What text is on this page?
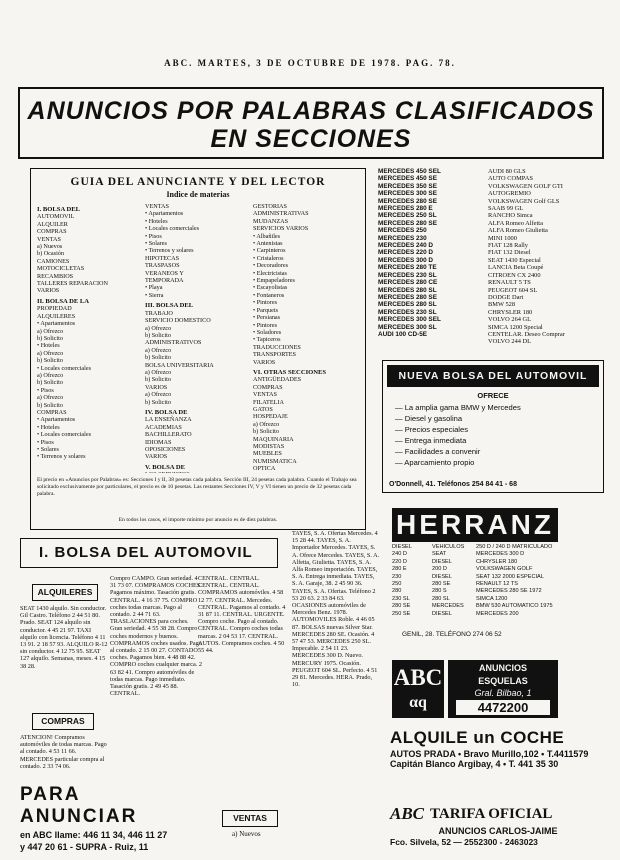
ABC. MARTES, 3 DE OCTUBRE DE 1978. PAG. 78.
ANUNCIOS POR PALABRAS CLASIFICADOS
EN SECCIONES
GUIA DEL ANUNCIANTE Y DEL LECTOR
Indice de materias
I. BOLSA DEL
AUTOMOVIL
ALQUILER
COMPRAS
VENTAS
a) Nuevos
b) Ocasión
CAMIONES
MOTOCICLETAS
RECAMBIOS
TALLERES REPARACION
VARIOS
II. BOLSA DE LA
PROPIEDAD
ALQUILERES
• Apartamentos
a) Ofrezco
b) Solicito
• Hoteles
a) Ofrezco
b) Solicito
• Locales comerciales
a) Ofrezco
b) Solicito
• Pisos
a) Ofrezco
b) Solicito
COMPRAS
• Apartamentos
• Hoteles
• Locales comerciales
• Pisos
• Solares
• Terrenos y solares
VENTAS
• Apartamentos
• Hoteles
• Locales comerciales
• Pisos
• Solares
• Terrenos y solares
HIPOTECAS
TRASPASOS
VERANEOS Y
TEMPORADA
• Playa
• Sierra
III. BOLSA DEL
TRABAJO
SERVICIO DOMESTICO
a) Ofrezco
b) Solicito
ADMINISTRATIVOS
a) Ofrezco
b) Solicito
BOLSA UNIVERSITARIA
a) Ofrezco
b) Solicito
VARIOS
a) Ofrezco
b) Solicito
IV. BOLSA DE
LA ENSEÑANZA
ACADEMIAS
BACHILLERATO
IDIOMAS
OPOSICIONES
VARIOS
V. BOLSA DE
GESTORIAS
ADMINISTRATIVAS
MUDANZAS
SERVICIOS VARIOS
• Albañiles
• Antenistas
• Carpinteros
• Cristaleros
• Decoradores
• Electricistas
• Empapeladores
• Escayolistas
• Fontaneros
• Pintores
• Parquets
• Persianas
• Pintores
• Soladores
• Tapiceros
TRADUCCIONES
TRANSPORTES
VARIOS
VI. OTRAS SECCIONES
ANTIGÜEDADES
COMPRAS
VENTAS
FILATELIA
GATOS
HOSPEDAJE
a) Ofrezco
b) Solicito
MAQUINARIA
MODISTAS
MUEBLES
NUMISMATICA
OPTICA
El precio en «Anuncios por Palabras» es: Secciones I y II, 38 pesetas cada palabra. Sección III, 24 pesetas cada palabra. Cuando el Trabajo sea solicitado exclusivamente por particulares, el precio es de 10 pesetas. Las restantes Secciones IV, V y VI tienen un precio de 32 pesetas cada palabra.
En todos los casos, el importe mínimo por anuncio es de diez palabras.
MERCEDES 450 SEL	AUDI 80 GLS
MERCEDES 450 SE	AUTO COMPAS
MERCEDES 350 SE	VOLKSWAGEN GOLF GTI
MERCEDES 300 SE	AUTOGREMIO
MERCEDES 280 SE	VOLKSWAGEN Golf GLS
MERCEDES 280 E	SAAB 99 GL
MERCEDES 250 SL	RANCHO Simca
MERCEDES 280 SE	ALFA Romeo Alfetta
MERCEDES 250	ALFA Romeo Giulietta
MERCEDES 230	MINI 1000
MERCEDES 240 D	FIAT 128 Rally
MERCEDES 220 D	FIAT 132 Diesel
MERCEDES 300 D	SEAT 1430 Especial
MERCEDES 280 TE	LANCIA Beta Coupé
MERCEDES 230 SL	CITROEN CX 2400
MERCEDES 280 CE	RENAULT 5 TS
MERCEDES 280 SL	PEUGEOT 604 SL
MERCEDES 280 SE	DODGE Dart
MERCEDES 280 SL	BMW 528
MERCEDES 230 SL	CHRYSLER 180
MERCEDES 300 SEL	VOLVO 264 GL
MERCEDES 300 SL	SIMCA 1200 Special
AUDI 100 CD-5E	CENTELAR. Deseo Comprar
VOLVO 244 DL
NUEVA BOLSA DEL AUTOMOVIL
OFRECE
— La amplia gama BMW y Mercedes
— Diesel y gasolina
— Precios especiales
— Entrega inmediata
— Facilidades a convenir
— Aparcamiento propio
O'Donnell, 41. Teléfonos 254 84 41 - 68
HERRANZ
DIESEL	VEHICULOS	250 D / 240 D MATRICULADO
240 D	SEAT	MERCEDES 300 D
220 D	DIESEL	CHRYSLER 180
280 E	200 D	VOLKSWAGEN GOLF
230	DIESEL	SEAT 132 2000 ESPECIAL
250	280 SE	RENAULT 12 TS
280	280 S	MERCEDES 280 SE 1972
230 SL	280 SL	SIMCA 1200
280 SE	MERCEDES	BMW 530 AUTOMATICO 1975
250 SE	DIESEL	MERCEDES 200
GENIL, 28. TELÉFONO 274 06 52
ABC
αq
ANUNCIOS
ESQUELAS
Gral. Bilbao, 1
4472200
ALQUILE un COCHE
AUTOS PRADA • Bravo Murillo,102 • T.4411579
Capitán Blanco Argibay, 4 • T. 441 35 30
ABC TARIFA OFICIAL
ANUNCIOS CARLOS-JAIME
Fco. Silvela, 52 — 2552300 - 2463023
I. BOLSA DEL AUTOMOVIL
ALQUILERES
SEAT 1430 alquilo. Sin conductor. Gil Castro. Teléfono 2 44 51 80. Prado. SEAT 124 alquilo sin conductor. 4 45 21 97. TAXI alquilo con licencia. Teléfono 4 11 13 91. 2 18 57 93. ALQUILO R-12 sin conductor. 4 12 75 95. SEAT 127 alquilo. Semanas, meses. 4 15 38 28.
COMPRAS
ATENCION! Compramos automóviles de todas marcas. Pago al contado. 4 53 11 66. MERCEDES particular compra al contado. 2 33 74 06.
Compro CAMPO. Gran seriedad. 4 31 73 07. COMPRAMOS COCHES. Pagamos máximo. Tasación gratis. CENTRAL. 4 16 37 75. COMPRO coches todas marcas. Pago al contado. 2 44 71 63. TRASLACIONES para coches. Gran seriedad. 4 55 38 28. Compro coches modernos y buenos. COMPRAMOS coches usados. Pago al contado. 2 15 00 27. CONTADO coches. Pagamos bien. 4 48 88 42. COMPRO coches cualquier marca. 2 63 82 41. Compro automóviles de todas marcas. Pago inmediato. Tasación gratis. 2 49 45 88. CENTRAL.
CENTRAL. CENTRAL. CENTRAL. CENTRAL. COMPRAMOS automóviles. 4 58 12 77. CENTRAL. Mercedes. CENTRAL. Pagamos al contado. 4 31 87 11. CENTRAL. URGENTE. Compro coche. Pago al contado. CENTRAL. Compro coches todas marcas. 2 04 53 17. CENTRAL. AUTOS. Compramos coches. 4 50 55 44.
TAYES, S. A. Ofertas Mercedes. 4 15 28 44. TAYES, S. A. Importador Mercedes. TAYES, S. A. Ofrece Mercedes. TAYES, S. A. Alfetta, Giulietta. TAYES, S. A. Alfa Romeo importación. TAYES, S. A. Entrega inmediata. TAYES, S. A. Garaje, 38. 2 45 90 36. TAYES, S. A. Ofertas. Teléfono 2 53 20 63. 2 33 84 63. OCASIONES automóviles de Mercedes Benz. 1978. AUTOMOVILES Roble. 4 46 05 87. BOLSAS nuevas Silver Star. MERCEDES 280 SE. Ocasión. 4 57 47 53. MERCEDES 250 SL. Impecable. 2 54 11 23. MERCEDES 300 D. Nuevo. MERCURY 1975. Ocasión. PEUGEOT 604 SL. Perfecto. 4 51 29 81. Mercedes. HERA. Prado, 10.
PARA ANUNCIAR
en ABC llame: 446 11 34, 446 11 27
y 447 20 61 - SUPRA - Ruiz, 11
VENTAS
a) Nuevos
